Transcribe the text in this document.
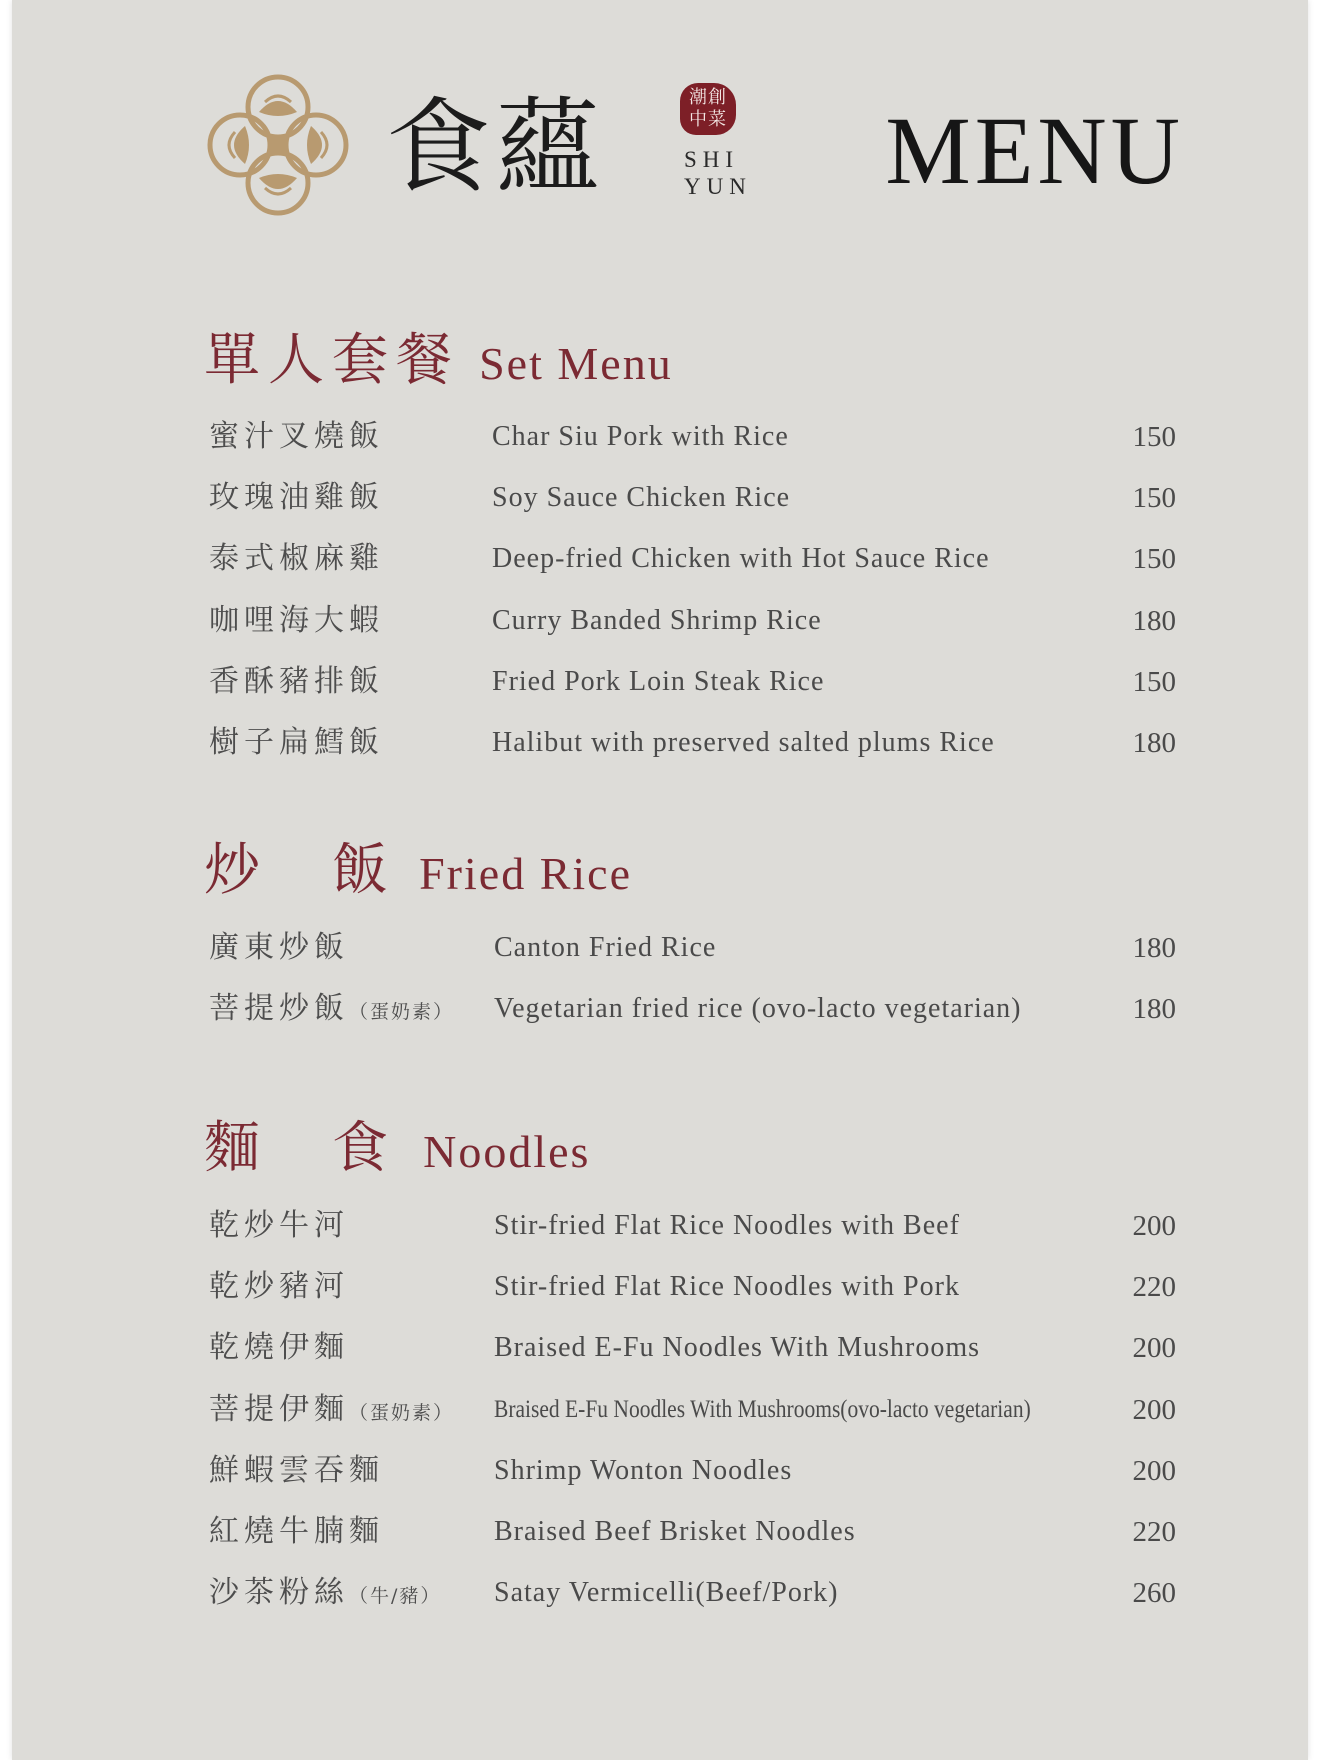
食蘊	潮創中菜
SHI
YUN	MENU
單人套餐 Set Menu
蜜汁叉燒飯	Char Siu Pork with Rice	150
玫瑰油雞飯	Soy Sauce Chicken Rice	150
泰式椒麻雞	Deep-fried Chicken with Hot Sauce Rice	150
咖哩海大蝦	Curry Banded Shrimp Rice	180
香酥豬排飯	Fried Pork Loin Steak Rice	150
樹子扁鱈飯	Halibut with preserved salted plums Rice	180
炒　飯 Fried Rice
廣東炒飯	Canton Fried Rice	180
菩提炒飯（蛋奶素） Vegetarian fried rice (ovo-lacto vegetarian)	180
麵　食 Noodles
乾炒牛河	Stir-fried Flat Rice Noodles with Beef	200
乾炒豬河	Stir-fried Flat Rice Noodles with Pork	220
乾燒伊麵	Braised E-Fu Noodles With Mushrooms	200
菩提伊麵（蛋奶素） Braised E-Fu Noodles With Mushrooms(ovo-lacto vegetarian)	200
鮮蝦雲吞麵	Shrimp Wonton Noodles	200
紅燒牛腩麵	Braised Beef Brisket Noodles	220
沙茶粉絲（牛/豬） Satay Vermicelli(Beef/Pork)	260
